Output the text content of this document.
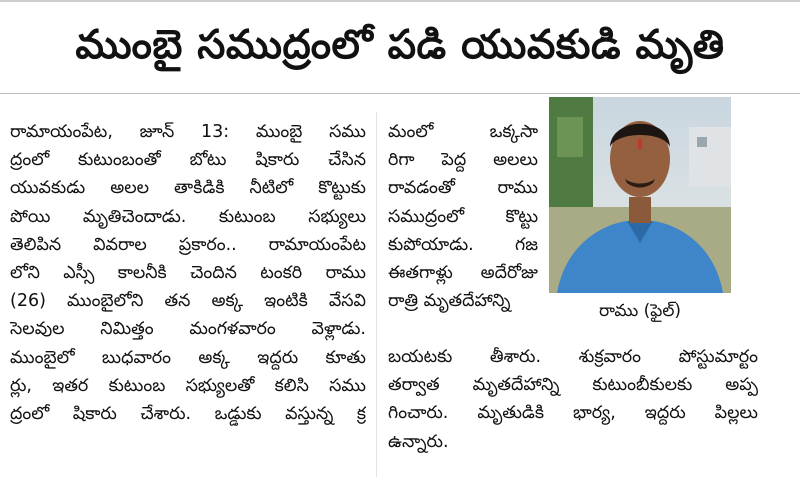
ముంబై సముద్రంలో పడి యువకుడి మృతి
రామాయంపేట, జూన్ 13: ముంబై సము
ద్రంలో కుటుంబంతో బోటు షికారు చేసిన
యువకుడు అలల తాకిడికి నీటిలో కొట్టుకు
పోయి మృతిచెందాడు. కుటుంబ సభ్యులు
తెలిపిన వివరాల ప్రకారం.. రామాయంపేట
లోని ఎస్సీ కాలనీకి చెందిన టంకరి రాము
(26) ముంబైలోని తన అక్క ఇంటికి వేసవి
సెలవుల నిమిత్తం మంగళవారం వెళ్లాడు.
ముంబైలో బుధవారం అక్క ఇద్దరు కూతు
ర్లు, ఇతర కుటుంబ సభ్యులతో కలిసి సము
ద్రంలో షికారు చేశారు. ఒడ్డుకు వస్తున్న క్ర
మంలో ఒక్కసా
రిగా పెద్ద అలలు
రావడంతో రాము
సముద్రంలో కొట్టు
కుపోయాడు. గజ
ఈతగాళ్లు అదేరోజు
రాత్రి మృతదేహాన్ని	రాము (ఫైల్)
బయటకు తీశారు. శుక్రవారం పోస్టుమార్టం
తర్వాత మృతదేహాన్ని కుటుంబీకులకు అప్ప
గించారు. మృతుడికి భార్య, ఇద్దరు పిల్లలు
ఉన్నారు.
